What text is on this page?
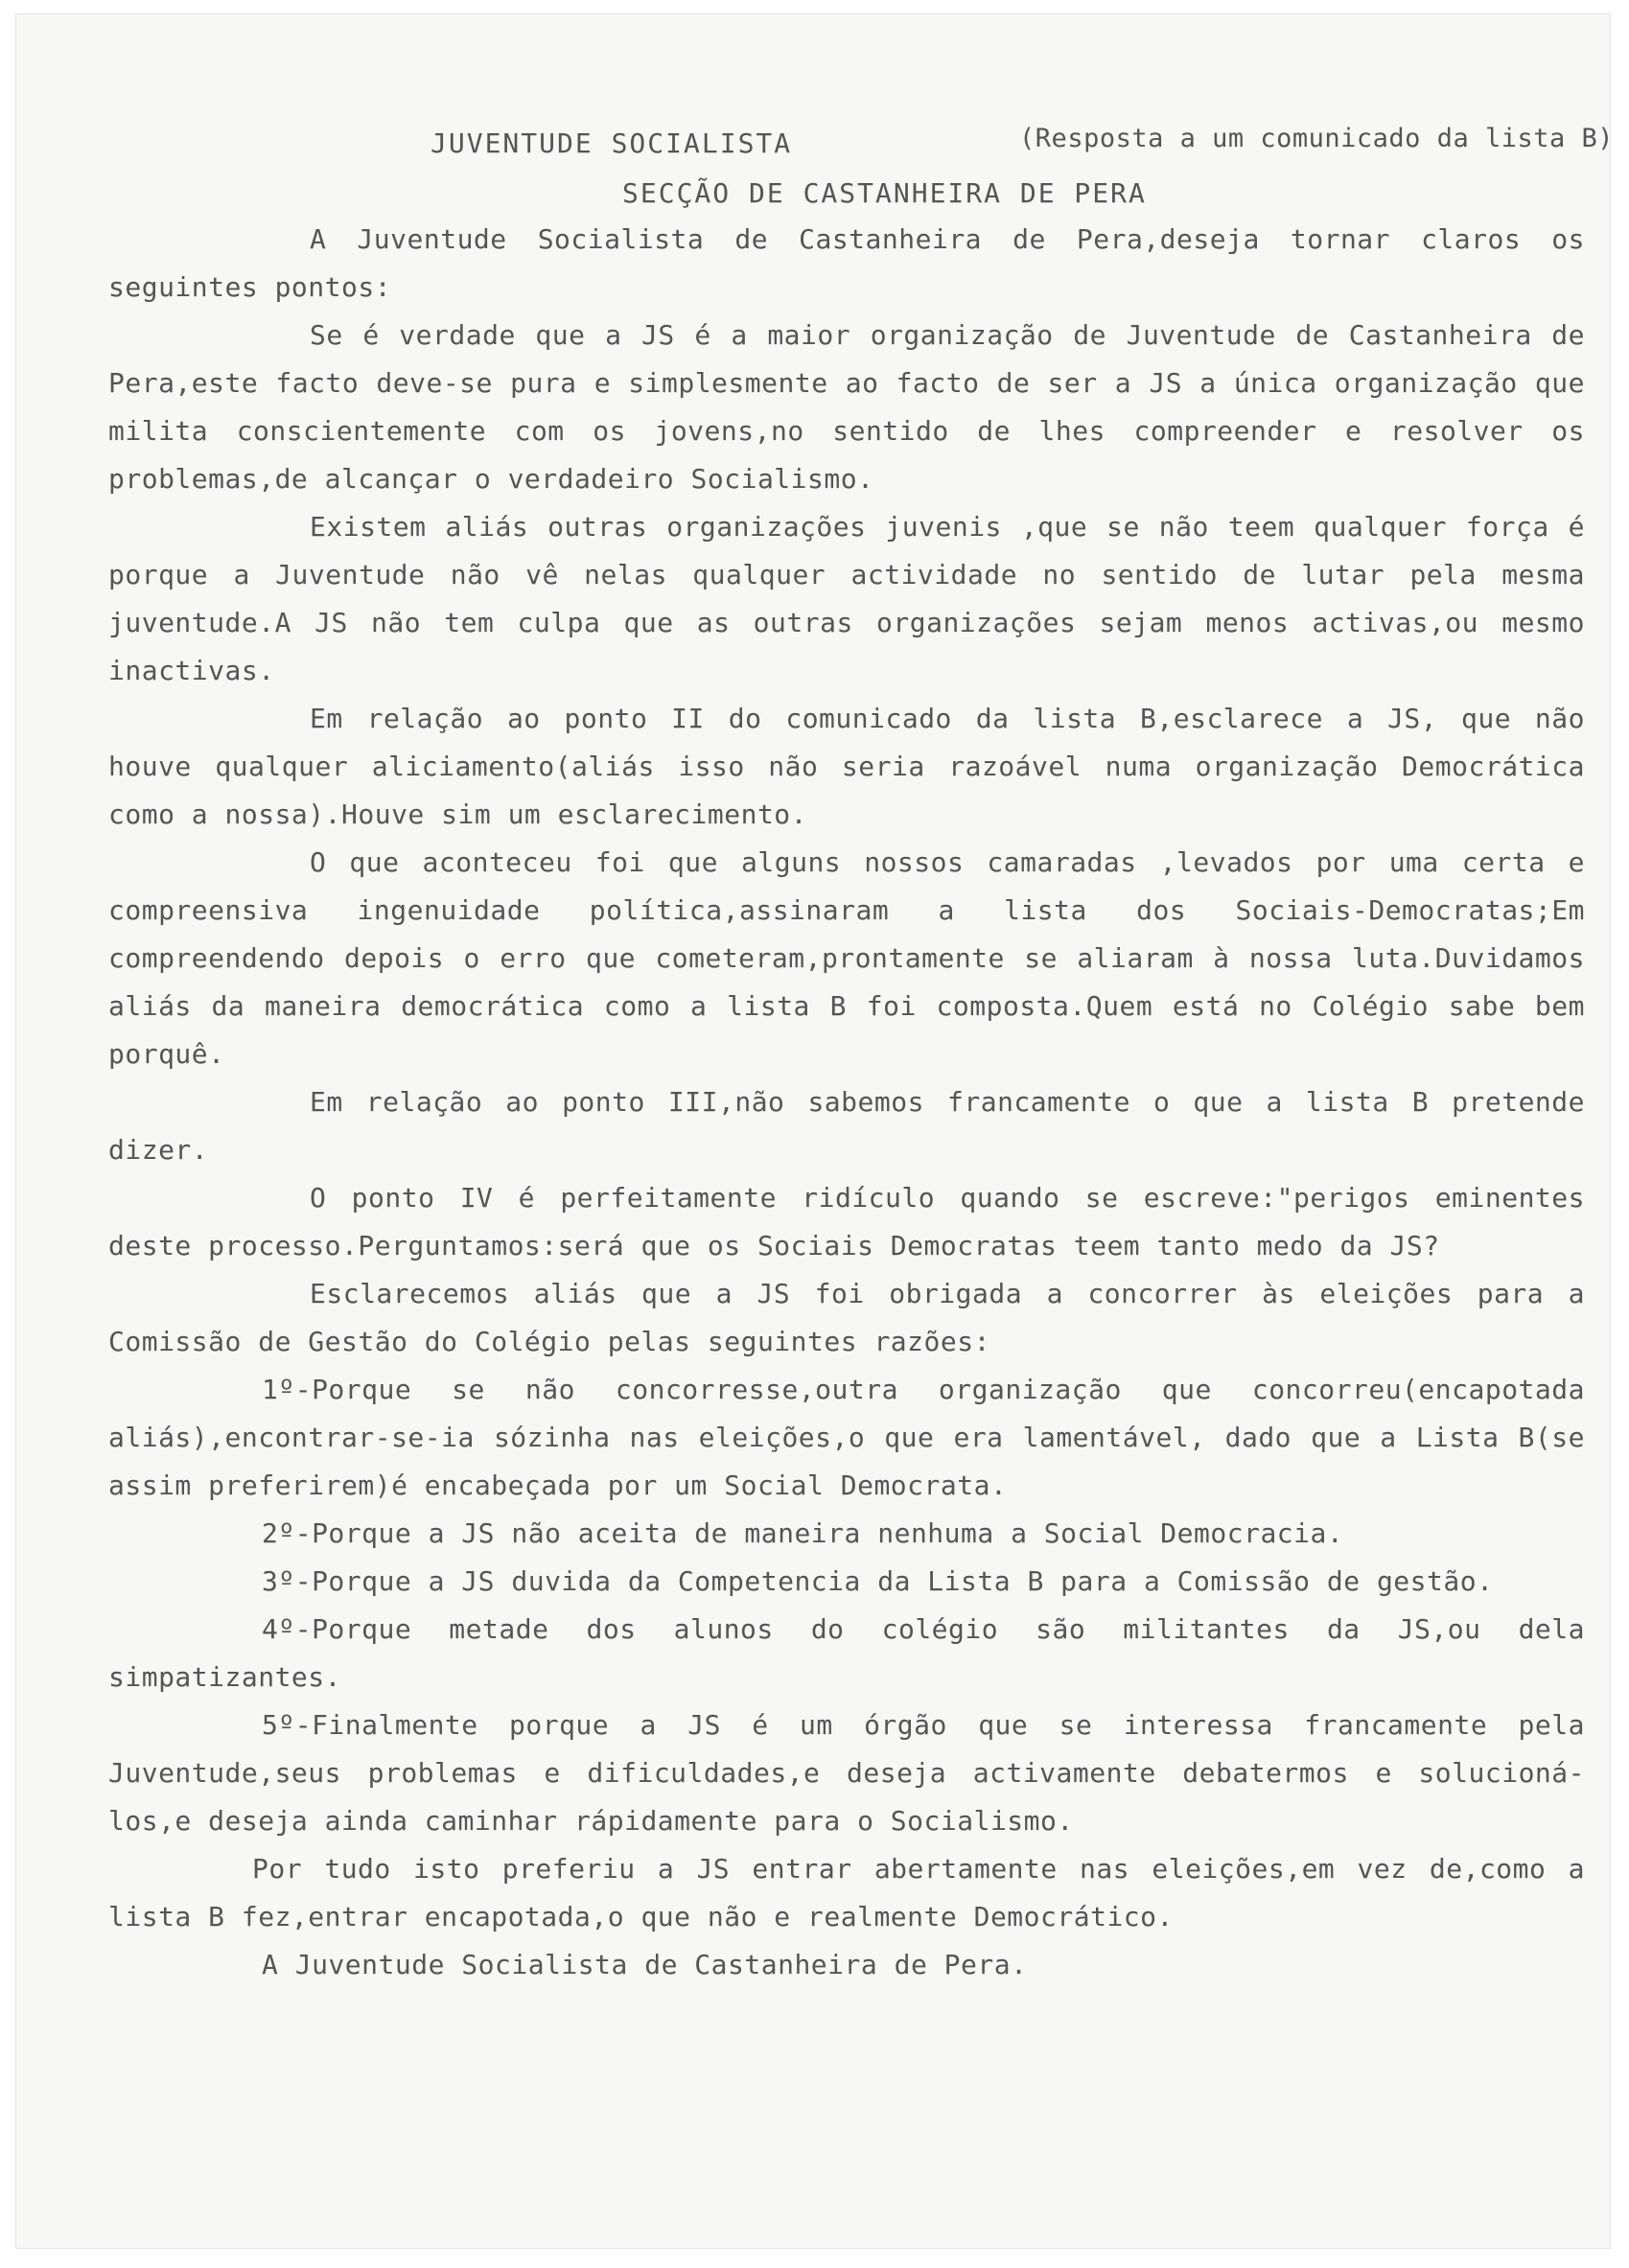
JUVENTUDE SOCIALISTA	(Resposta a um comunicado da lista B)
SECÇÃO DE CASTANHEIRA DE PERA

A Juventude Socialista de Castanheira de Pera,deseja tornar claros os seguintes pontos:

Se é verdade que a JS é a maior organização de Juventude de Castanheira de Pera,este facto deve-se pura e simplesmente ao facto de ser a JS a única organização que milita conscientemente com os jovens,no sentido de lhes compreender e resolver os problemas,de alcançar o verdadeiro Socialismo.

Existem aliás outras organizações juvenis ,que se não teem qualquer força é porque a Juventude não vê nelas qualquer actividade no sentido de lutar pela mesma juventude.A JS não tem culpa que as outras organizações sejam menos activas,ou mesmo inactivas.

Em relação ao ponto II do comunicado da lista B,esclarece a JS, que não houve qualquer aliciamento(aliás isso não seria razoável numa organização Democrática como a nossa).Houve sim um esclarecimento.

O que aconteceu foi que alguns nossos camaradas ,levados por uma certa e compreensiva ingenuidade política,assinaram a lista dos Sociais-Democratas;Em compreendendo depois o erro que cometeram,prontamente se aliaram à nossa luta.Duvidamos aliás da maneira democrática como a lista B foi composta.Quem está no Colégio sabe bem porquê.

Em relação ao ponto III,não sabemos francamente o que a lista B pretende dizer.

O ponto IV é perfeitamente ridículo quando se escreve:"perigos eminentes deste processo.Perguntamos:será que os Sociais Democratas teem tanto medo da JS?

Esclarecemos aliás que a JS foi obrigada a concorrer às eleições para a Comissão de Gestão do Colégio pelas seguintes razões:

1º-Porque se não concorresse,outra organização que concorreu(encapotada aliás),encontrar-se-ia sózinha nas eleições,o que era lamentável, dado que a Lista B(se assim preferirem)é encabeçada por um Social Democrata.

2º-Porque a JS não aceita de maneira nenhuma a Social Democracia.

3º-Porque a JS duvida da Competencia da Lista B para a Comissão de gestão.

4º-Porque metade dos alunos do colégio são militantes da JS,ou dela simpatizantes.

5º-Finalmente porque a JS é um órgão que se interessa francamente pela Juventude,seus problemas e dificuldades,e deseja activamente debatermos e solucioná-los,e deseja ainda caminhar rápidamente para o Socialismo.

Por tudo isto preferiu a JS entrar abertamente nas eleições,em vez de,como a lista B fez,entrar encapotada,o que não e realmente Democrático.

A Juventude Socialista de Castanheira de Pera.
